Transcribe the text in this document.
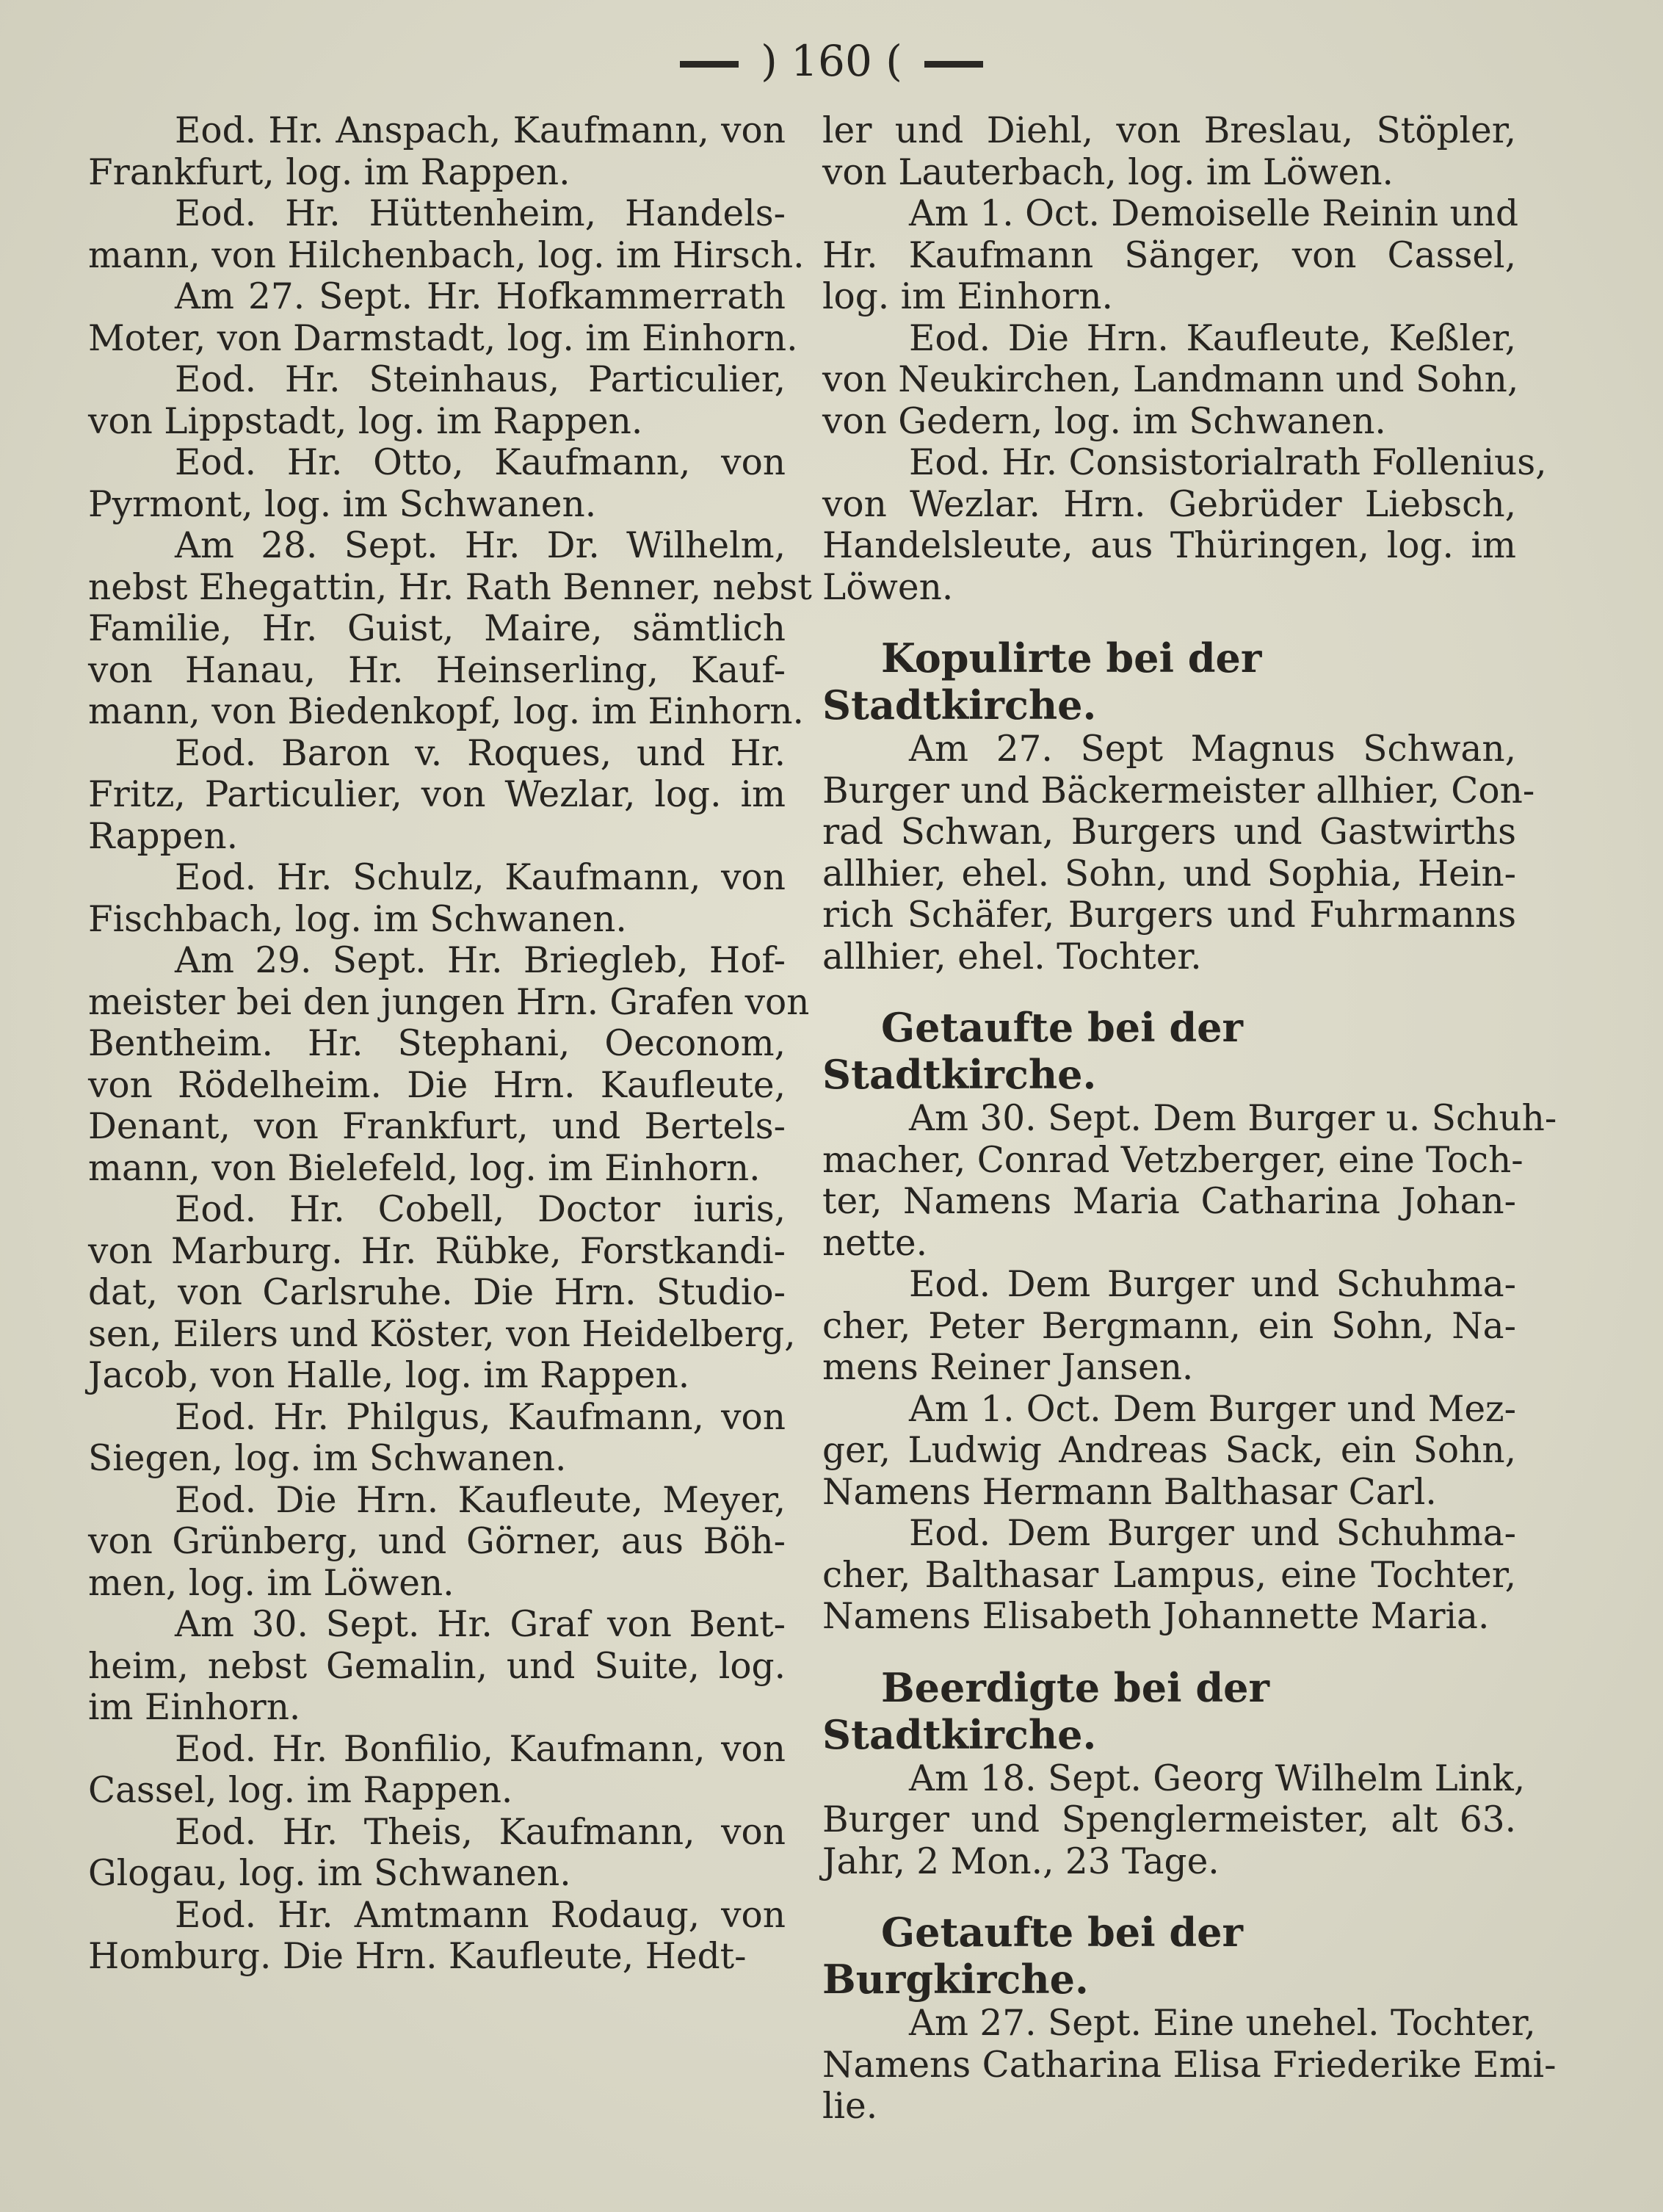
) 160 (
Eod. Hr. Anspach, Kaufmann, von
Frankfurt, log. im Rappen.
Eod. Hr. Hüttenheim, Handels-
mann, von Hilchenbach, log. im Hirsch.
Am 27. Sept. Hr. Hofkammerrath
Moter, von Darmstadt, log. im Einhorn.
Eod. Hr. Steinhaus, Particulier,
von Lippstadt, log. im Rappen.
Eod. Hr. Otto, Kaufmann, von
Pyrmont, log. im Schwanen.
Am 28. Sept. Hr. Dr. Wilhelm,
nebst Ehegattin, Hr. Rath Benner, nebst
Familie, Hr. Guist, Maire, sämtlich
von Hanau, Hr. Heinserling, Kauf-
mann, von Biedenkopf, log. im Einhorn.
Eod. Baron v. Roques, und Hr.
Fritz, Particulier, von Wezlar, log. im
Rappen.
Eod. Hr. Schulz, Kaufmann, von
Fischbach, log. im Schwanen.
Am 29. Sept. Hr. Briegleb, Hof-
meister bei den jungen Hrn. Grafen von
Bentheim. Hr. Stephani, Oeconom,
von Rödelheim. Die Hrn. Kaufleute,
Denant, von Frankfurt, und Bertels-
mann, von Bielefeld, log. im Einhorn.
Eod. Hr. Cobell, Doctor iuris,
von Marburg. Hr. Rübke, Forstkandi-
dat, von Carlsruhe. Die Hrn. Studio-
sen, Eilers und Köster, von Heidelberg,
Jacob, von Halle, log. im Rappen.
Eod. Hr. Philgus, Kaufmann, von
Siegen, log. im Schwanen.
Eod. Die Hrn. Kaufleute, Meyer,
von Grünberg, und Görner, aus Böh-
men, log. im Löwen.
Am 30. Sept. Hr. Graf von Bent-
heim, nebst Gemalin, und Suite, log.
im Einhorn.
Eod. Hr. Bonfilio, Kaufmann, von
Cassel, log. im Rappen.
Eod. Hr. Theis, Kaufmann, von
Glogau, log. im Schwanen.
Eod. Hr. Amtmann Rodaug, von
Homburg. Die Hrn. Kaufleute, Hedt-
ler und Diehl, von Breslau, Stöpler,
von Lauterbach, log. im Löwen.
Am 1. Oct. Demoiselle Reinin und
Hr. Kaufmann Sänger, von Cassel,
log. im Einhorn.
Eod. Die Hrn. Kaufleute, Keßler,
von Neukirchen, Landmann und Sohn,
von Gedern, log. im Schwanen.
Eod. Hr. Consistorialrath Follenius,
von Wezlar. Hrn. Gebrüder Liebsch,
Handelsleute, aus Thüringen, log. im
Löwen.
Kopulirte bei der Stadtkirche.
Am 27. Sept Magnus Schwan,
Burger und Bäckermeister allhier, Con-
rad Schwan, Burgers und Gastwirths
allhier, ehel. Sohn, und Sophia, Hein-
rich Schäfer, Burgers und Fuhrmanns
allhier, ehel. Tochter.
Getaufte bei der Stadtkirche.
Am 30. Sept. Dem Burger u. Schuh-
macher, Conrad Vetzberger, eine Toch-
ter, Namens Maria Catharina Johan-
nette.
Eod. Dem Burger und Schuhma-
cher, Peter Bergmann, ein Sohn, Na-
mens Reiner Jansen.
Am 1. Oct. Dem Burger und Mez-
ger, Ludwig Andreas Sack, ein Sohn,
Namens Hermann Balthasar Carl.
Eod. Dem Burger und Schuhma-
cher, Balthasar Lampus, eine Tochter,
Namens Elisabeth Johannette Maria.
Beerdigte bei der Stadtkirche.
Am 18. Sept. Georg Wilhelm Link,
Burger und Spenglermeister, alt 63.
Jahr, 2 Mon., 23 Tage.
Getaufte bei der Burgkirche.
Am 27. Sept. Eine unehel. Tochter,
Namens Catharina Elisa Friederike Emi-
lie.
